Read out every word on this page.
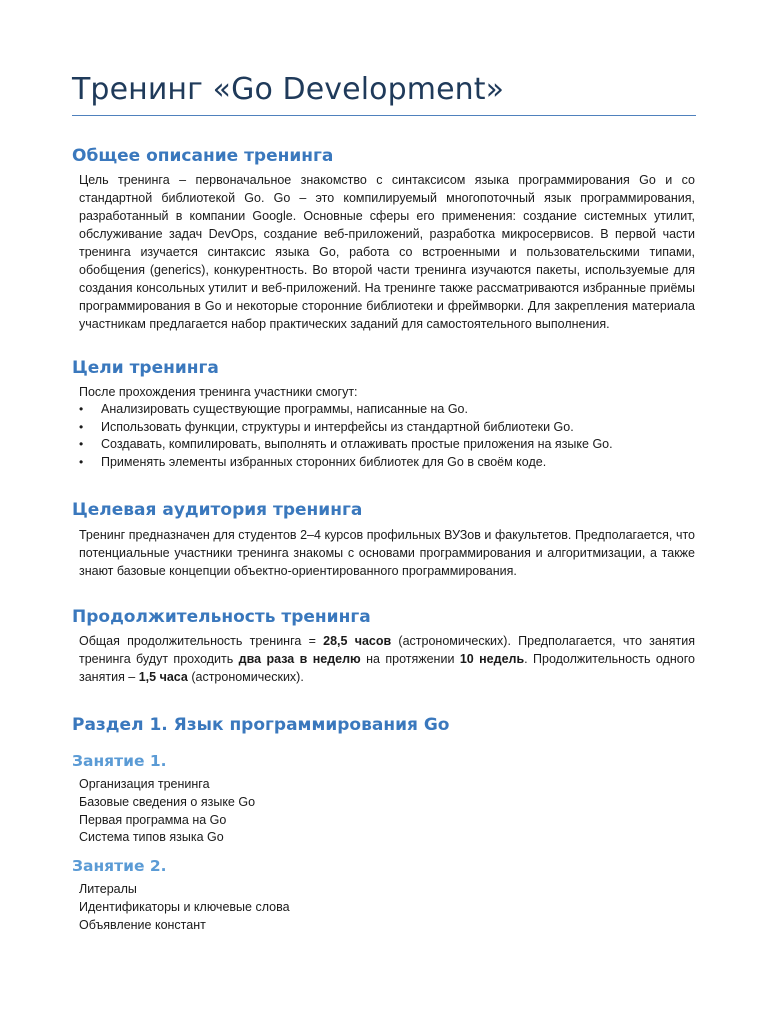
Тренинг «Go Development»
Общее описание тренинга
Цель тренинга – первоначальное знакомство с синтаксисом языка программирования Go и со стандартной библиотекой Go. Go – это компилируемый многопоточный язык программирования, разработанный в компании Google. Основные сферы его применения: создание системных утилит, обслуживание задач DevOps, создание веб-приложений, разработка микросервисов. В первой части тренинга изучается синтаксис языка Go, работа со встроенными и пользовательскими типами, обобщения (generics), конкурентность. Во второй части тренинга изучаются пакеты, используемые для создания консольных утилит и веб-приложений. На тренинге также рассматриваются избранные приёмы программирования в Go и некоторые сторонние библиотеки и фреймворки. Для закрепления материала участникам предлагается набор практических заданий для самостоятельного выполнения.
Цели тренинга
После прохождения тренинга участники смогут:
• Анализировать существующие программы, написанные на Go.
• Использовать функции, структуры и интерфейсы из стандартной библиотеки Go.
• Создавать, компилировать, выполнять и отлаживать простые приложения на языке Go.
• Применять элементы избранных сторонних библиотек для Go в своём коде.
Целевая аудитория тренинга
Тренинг предназначен для студентов 2–4 курсов профильных ВУЗов и факультетов. Предполагается, что потенциальные участники тренинга знакомы с основами программирования и алгоритмизации, а также знают базовые концепции объектно-ориентированного программирования.
Продолжительность тренинга
Общая продолжительность тренинга = 28,5 часов (астрономических). Предполагается, что занятия тренинга будут проходить два раза в неделю на протяжении 10 недель. Продолжительность одного занятия – 1,5 часа (астрономических).
Раздел 1. Язык программирования Go
Занятие 1.
Организация тренинга
Базовые сведения о языке Go
Первая программа на Go
Система типов языка Go
Занятие 2.
Литералы
Идентификаторы и ключевые слова
Объявление констант
